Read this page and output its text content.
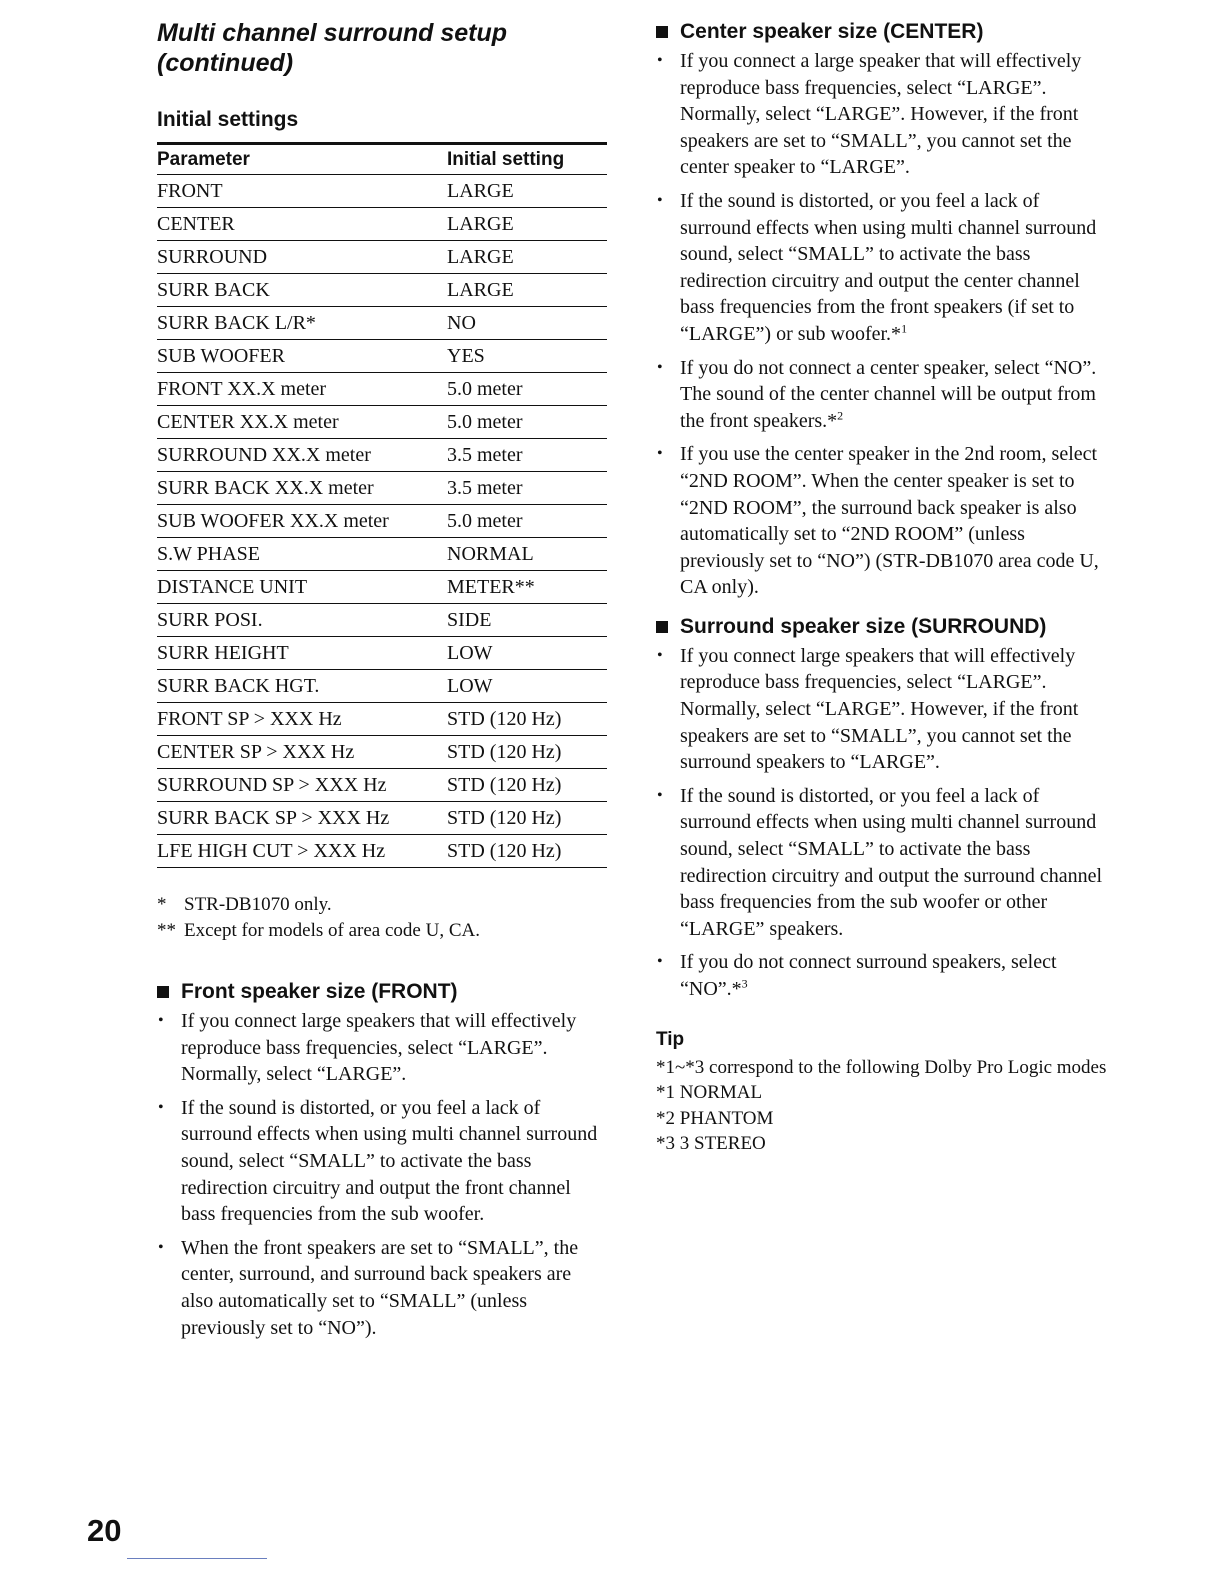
Multi channel surround setup
(continued)
Initial settings
Parameter	Initial setting
FRONT	LARGE
CENTER	LARGE
SURROUND	LARGE
SURR BACK	LARGE
SURR BACK L/R*	NO
SUB WOOFER	YES
FRONT XX.X meter	5.0 meter
CENTER XX.X meter	5.0 meter
SURROUND XX.X meter	3.5 meter
SURR BACK XX.X meter	3.5 meter
SUB WOOFER XX.X meter	5.0 meter
S.W PHASE	NORMAL
DISTANCE UNIT	METER**
SURR POSI.	SIDE
SURR HEIGHT	LOW
SURR BACK HGT.	LOW
FRONT SP > XXX Hz	STD (120 Hz)
CENTER SP > XXX Hz	STD (120 Hz)
SURROUND SP > XXX Hz	STD (120 Hz)
SURR BACK SP > XXX Hz	STD (120 Hz)
LFE HIGH CUT > XXX Hz	STD (120 Hz)
* STR-DB1070 only.
** Except for models of area code U, CA.
Front speaker size (FRONT)
• If you connect large speakers that will effectively reproduce bass frequencies, select “LARGE”. Normally, select “LARGE”.
• If the sound is distorted, or you feel a lack of surround effects when using multi channel surround sound, select “SMALL” to activate the bass redirection circuitry and output the front channel bass frequencies from the sub woofer.
• When the front speakers are set to “SMALL”, the center, surround, and surround back speakers are also automatically set to “SMALL” (unless previously set to “NO”).
Center speaker size (CENTER)
• If you connect a large speaker that will effectively reproduce bass frequencies, select “LARGE”. Normally, select “LARGE”. However, if the front speakers are set to “SMALL”, you cannot set the center speaker to “LARGE”.
• If the sound is distorted, or you feel a lack of surround effects when using multi channel surround sound, select “SMALL” to activate the bass redirection circuitry and output the center channel bass frequencies from the front speakers (if set to “LARGE”) or sub woofer.*$^1$
• If you do not connect a center speaker, select “NO”. The sound of the center channel will be output from the front speakers.*$^2$
• If you use the center speaker in the 2nd room, select “2ND ROOM”. When the center speaker is set to “2ND ROOM”, the surround back speaker is also automatically set to “2ND ROOM” (unless previously set to “NO”) (STR-DB1070 area code U, CA only).
Surround speaker size (SURROUND)
• If you connect large speakers that will effectively reproduce bass frequencies, select “LARGE”. Normally, select “LARGE”. However, if the front speakers are set to “SMALL”, you cannot set the surround speakers to “LARGE”.
• If the sound is distorted, or you feel a lack of surround effects when using multi channel surround sound, select “SMALL” to activate the bass redirection circuitry and output the surround channel bass frequencies from the sub woofer or other “LARGE” speakers.
• If you do not connect surround speakers, select “NO”.*$^3$
Tip
*1~*3 correspond to the following Dolby Pro Logic modes
*1 NORMAL
*2 PHANTOM
*3 3 STEREO
20
